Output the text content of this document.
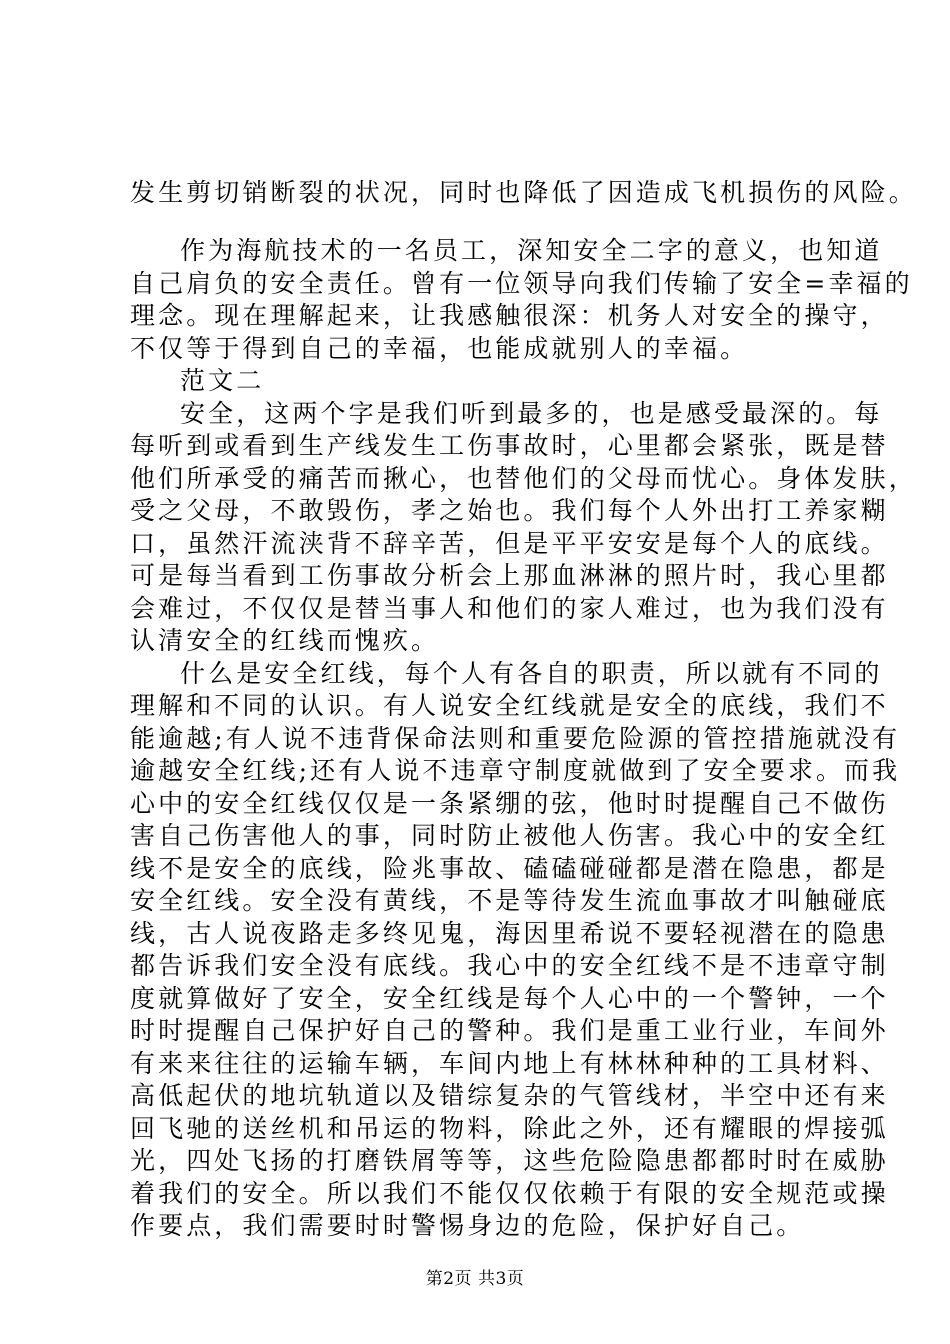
发生剪切销断裂的状况，同时也降低了因造成飞机损伤的风险。
作为海航技术的一名员工，深知安全二字的意义，也知道
自己肩负的安全责任。曾有一位领导向我们传输了安全=幸福的
理念。现在理解起来，让我感触很深：机务人对安全的操守，
不仅等于得到自己的幸福，也能成就别人的幸福。
范文二
安全，这两个字是我们听到最多的，也是感受最深的。每
每听到或看到生产线发生工伤事故时，心里都会紧张，既是替
他们所承受的痛苦而揪心，也替他们的父母而忧心。身体发肤，
受之父母，不敢毁伤，孝之始也。我们每个人外出打工养家糊
口，虽然汗流浃背不辞辛苦，但是平平安安是每个人的底线。
可是每当看到工伤事故分析会上那血淋淋的照片时，我心里都
会难过，不仅仅是替当事人和他们的家人难过，也为我们没有
认清安全的红线而愧疚。
什么是安全红线，每个人有各自的职责，所以就有不同的
理解和不同的认识。有人说安全红线就是安全的底线，我们不
能逾越;有人说不违背保命法则和重要危险源的管控措施就没有
逾越安全红线;还有人说不违章守制度就做到了安全要求。而我
心中的安全红线仅仅是一条紧绷的弦，他时时提醒自己不做伤
害自己伤害他人的事，同时防止被他人伤害。我心中的安全红
线不是安全的底线，险兆事故、磕磕碰碰都是潜在隐患，都是
安全红线。安全没有黄线，不是等待发生流血事故才叫触碰底
线，古人说夜路走多终见鬼，海因里希说不要轻视潜在的隐患
都告诉我们安全没有底线。我心中的安全红线不是不违章守制
度就算做好了安全，安全红线是每个人心中的一个警钟，一个
时时提醒自己保护好自己的警种。我们是重工业行业，车间外
有来来往往的运输车辆，车间内地上有林林种种的工具材料、
高低起伏的地坑轨道以及错综复杂的气管线材，半空中还有来
回飞驰的送丝机和吊运的物料，除此之外，还有耀眼的焊接弧
光，四处飞扬的打磨铁屑等等，这些危险隐患都都时时在威胁
着我们的安全。所以我们不能仅仅依赖于有限的安全规范或操
作要点，我们需要时时警惕身边的危险，保护好自己。
第2页 共3页
